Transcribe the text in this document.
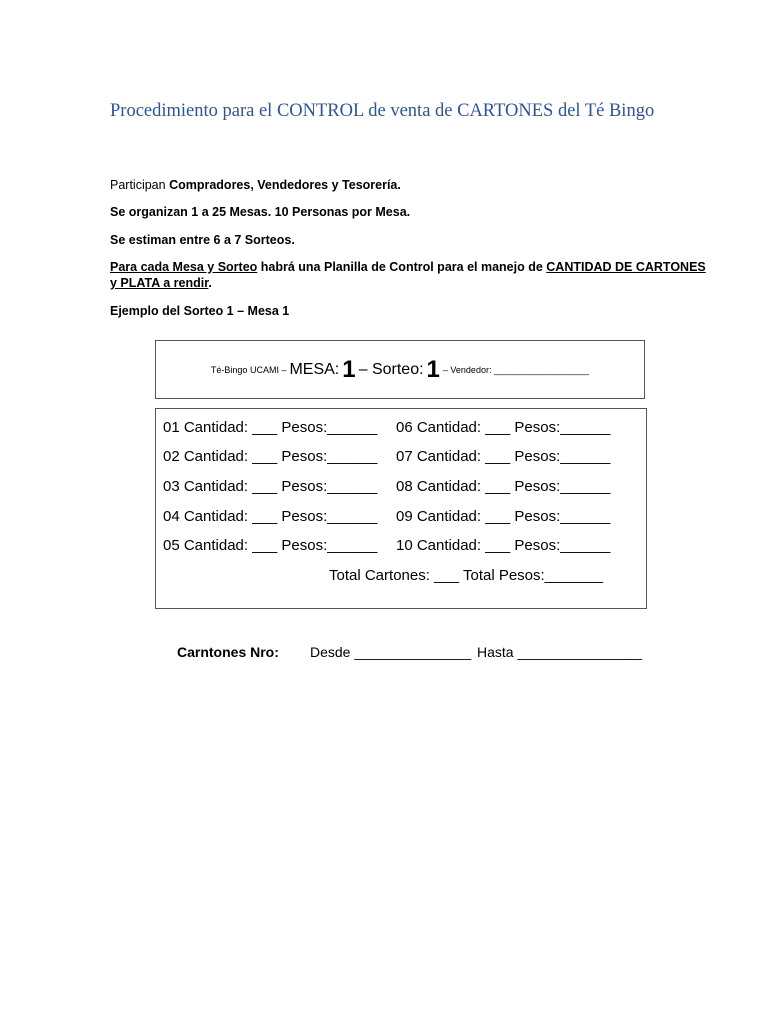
Procedimiento para el CONTROL de venta de CARTONES del Té Bingo
Participan Compradores, Vendedores y Tesorería.
Se organizan 1 a 25 Mesas. 10 Personas por Mesa.
Se estiman entre 6 a 7 Sorteos.
Para cada Mesa y Sorteo habrá una Planilla de Control para el manejo de CANTIDAD DE CARTONES y PLATA a rendir.
Ejemplo del Sorteo 1 – Mesa 1
Té-Bingo UCAMI – MESA: 1 – Sorteo: 1 – Vendedor: ___________________
01 Cantidad: ___ Pesos:______
02 Cantidad: ___ Pesos:______
03 Cantidad: ___ Pesos:______
04 Cantidad: ___ Pesos:______
05 Cantidad: ___ Pesos:______
06 Cantidad: ___ Pesos:______
07 Cantidad: ___ Pesos:______
08 Cantidad: ___ Pesos:______
09 Cantidad: ___ Pesos:______
10 Cantidad: ___ Pesos:______
Total Cartones: ___ Total Pesos:_______
Carntones Nro: Desde _______________ Hasta ________________
